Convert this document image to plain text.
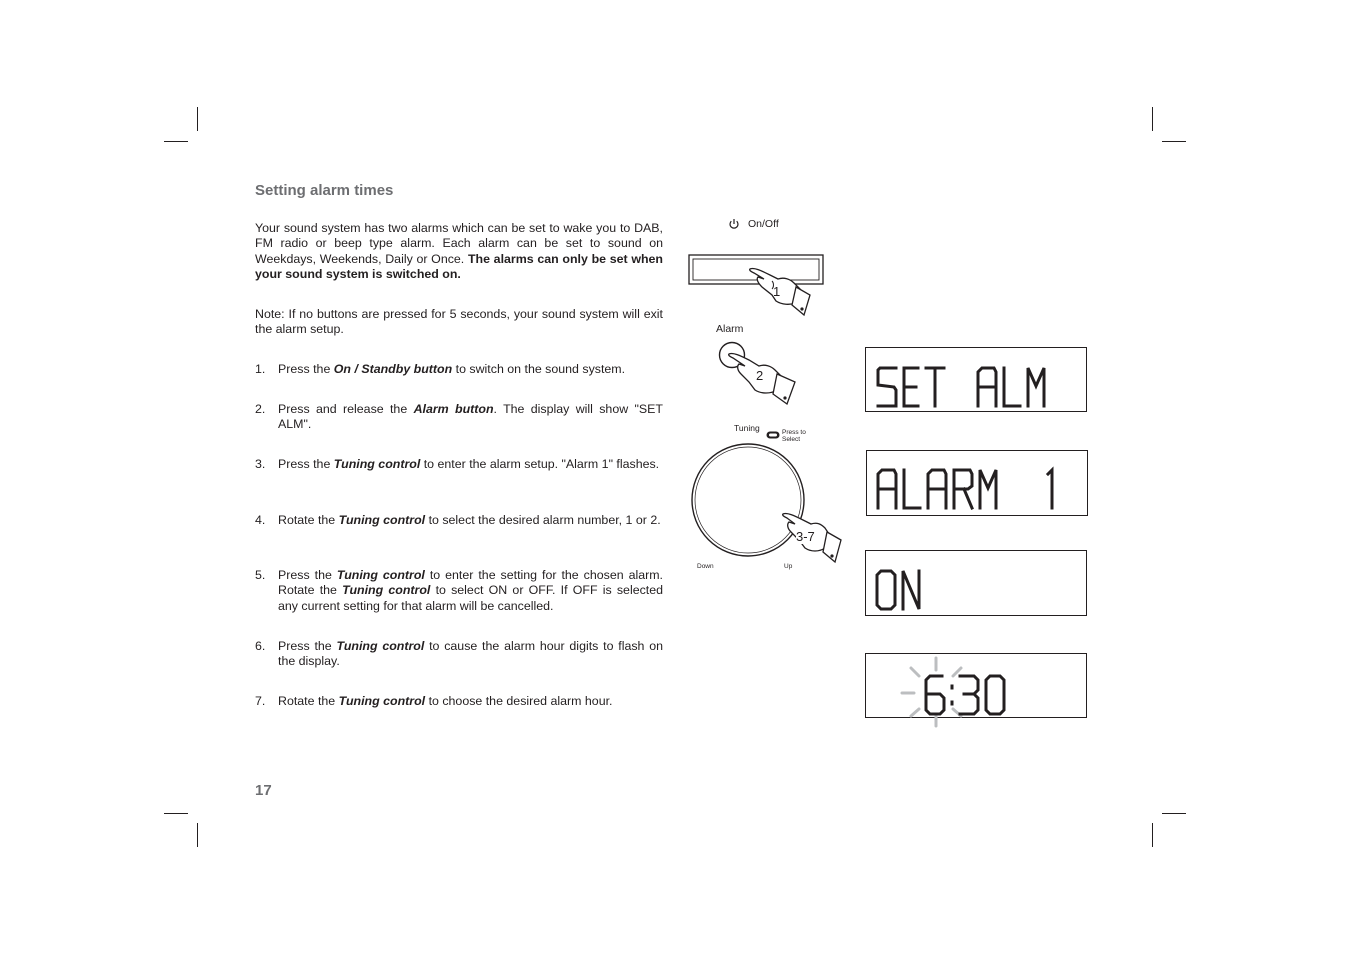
Setting alarm times

Your sound system has two alarms which can be set to wake you to DAB, FM radio or beep type alarm. Each alarm can be set to sound on Weekdays, Weekends, Daily or Once. The alarms can only be set when your sound system is switched on.

Note: If no buttons are pressed for 5 seconds, your sound system will exit the alarm setup.

1. Press the On / Standby button to switch on the sound system.
2. Press and release the Alarm button. The display will show "SET ALM".
3. Press the Tuning control to enter the alarm setup. "Alarm 1" flashes.
4. Rotate the Tuning control to select the desired alarm number, 1 or 2.
5. Press the Tuning control to enter the setting for the chosen alarm. Rotate the Tuning control to select ON or OFF. If OFF is selected any current setting for that alarm will be cancelled.
6. Press the Tuning control to cause the alarm hour digits to flash on the display.
7. Rotate the Tuning control to choose the desired alarm hour.
17
On/Off
1
Alarm
2
Tuning	Press to
Select
Down	Up
3-7
